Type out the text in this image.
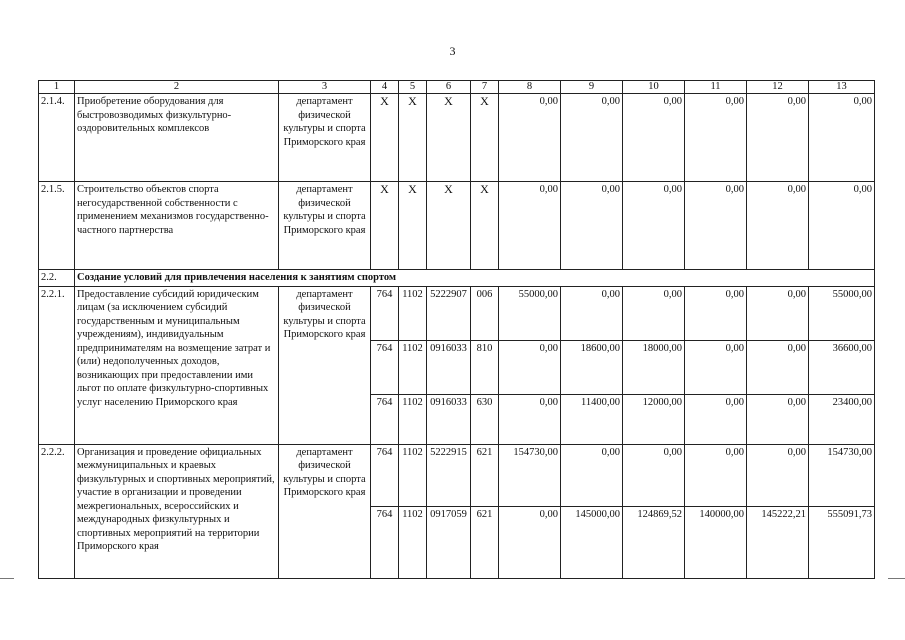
3
1	2	3	4	5	6	7	8	9	10	11	12	13
2.1.4.	Приобретение оборудования для быстровозводимых физкультурно-оздоровительных комплексов	департамент физической культуры и спорта Приморского края	X	X	X	X	0,00	0,00	0,00	0,00	0,00	0,00
2.1.5.	Строительство объектов спорта негосударственной собственности с применением механизмов государственно-частного партнерства	департамент физической культуры и спорта Приморского края	X	X	X	X	0,00	0,00	0,00	0,00	0,00	0,00
2.2.	Создание условий для привлечения населения к занятиям спортом											
2.2.1.	Предоставление субсидий юридическим лицам (за исключением субсидий государственным и муниципальным учреждениям), индивидуальным предпринимателям на возмещение затрат и (или) недополученных доходов, возникающих при предоставлении ими льгот по оплате физкультурно-спортивных услуг населению Приморского края	департамент физической культуры и спорта Приморского края	764	1102	5222907	006	55000,00	0,00	0,00	0,00	0,00	55000,00
			764	1102	0916033	810	0,00	18600,00	18000,00	0,00	0,00	36600,00
			764	1102	0916033	630	0,00	11400,00	12000,00	0,00	0,00	23400,00
2.2.2.	Организация и проведение официальных межмуниципальных и краевых физкультурных и спортивных мероприятий, участие в организации и проведении межрегиональных, всероссийских и международных физкультурных и спортивных мероприятий на территории Приморского края	департамент физической культуры и спорта Приморского края	764	1102	5222915	621	154730,00	0,00	0,00	0,00	0,00	154730,00
			764	1102	0917059	621	0,00	145000,00	124869,52	140000,00	145222,21	555091,73
